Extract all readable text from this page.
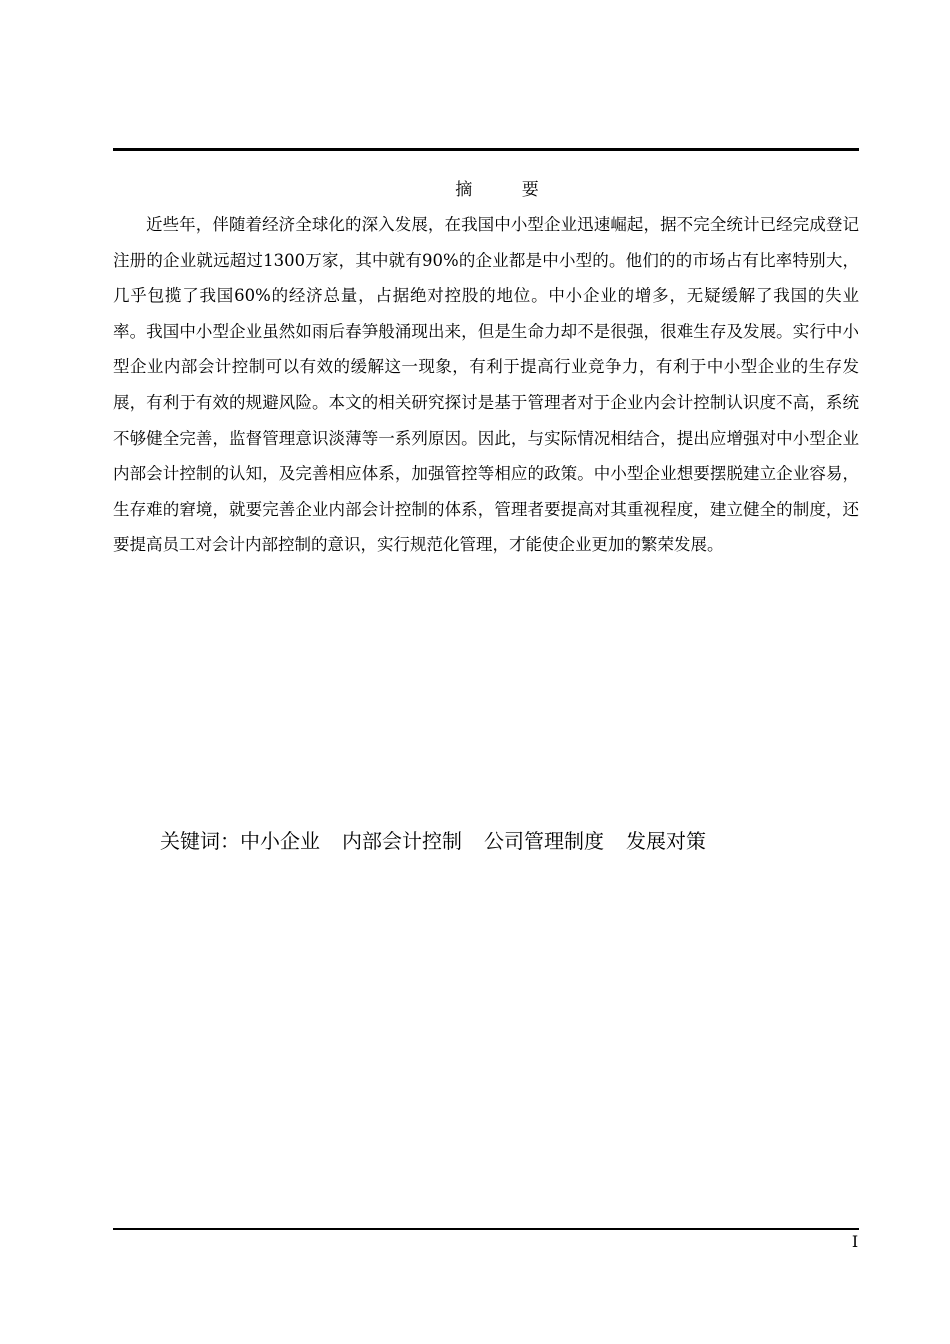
摘 要

近些年，伴随着经济全球化的深入发展，在我国中小型企业迅速崛起，据不完全统计已经完成登记注册的企业就远超过1300万家，其中就有90%的企业都是中小型的。他们的的市场占有比率特别大，几乎包揽了我国60%的经济总量，占据绝对控股的地位。中小企业的增多，无疑缓解了我国的失业率。我国中小型企业虽然如雨后春笋般涌现出来，但是生命力却不是很强，很难生存及发展。实行中小型企业内部会计控制可以有效的缓解这一现象，有利于提高行业竞争力，有利于中小型企业的生存发展，有利于有效的规避风险。本文的相关研究探讨是基于管理者对于企业内会计控制认识度不高，系统不够健全完善，监督管理意识淡薄等一系列原因。因此，与实际情况相结合，提出应增强对中小型企业内部会计控制的认知，及完善相应体系，加强管控等相应的政策。中小型企业想要摆脱建立企业容易，生存难的窘境，就要完善企业内部会计控制的体系，管理者要提高对其重视程度，建立健全的制度，还要提高员工对会计内部控制的意识，实行规范化管理，才能使企业更加的繁荣发展。

关键词：中小企业 内部会计控制 公司管理制度 发展对策
I
